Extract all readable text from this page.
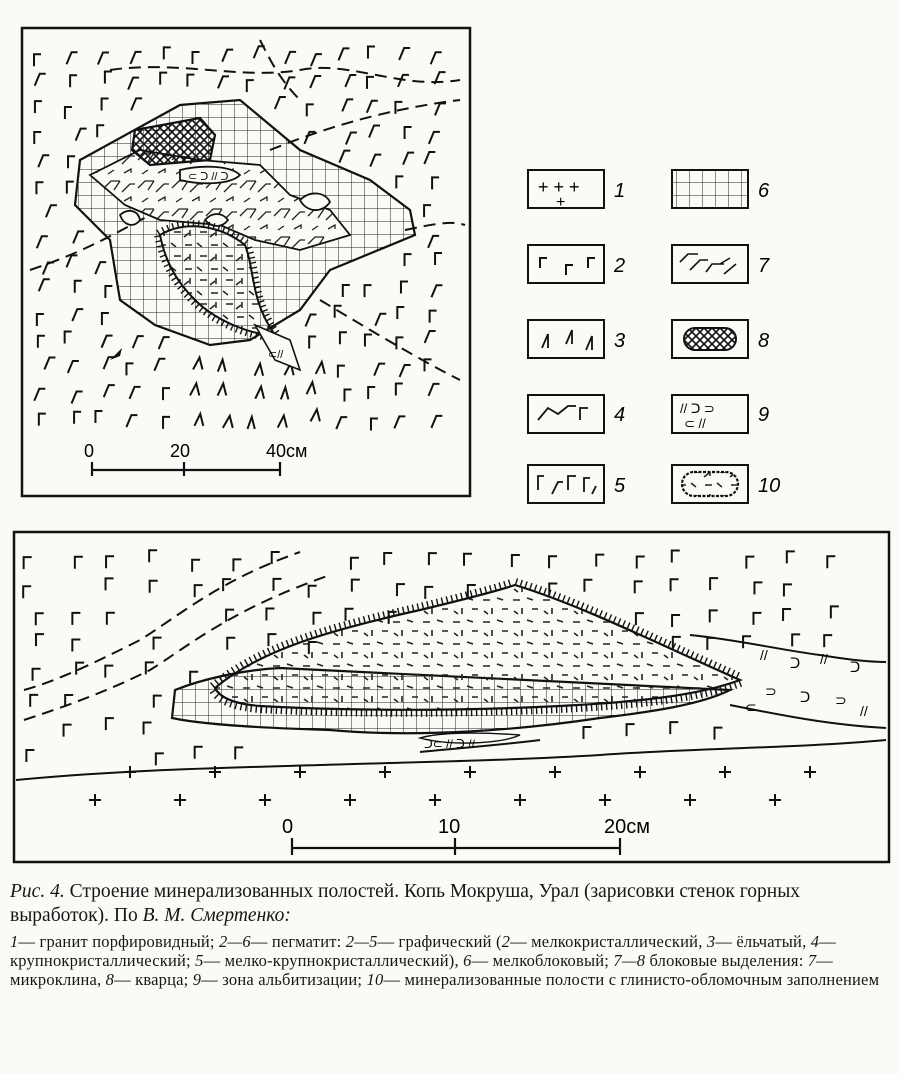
⊂ ᑐ // ᑐ
⊂//
0	20	40см
+ + +
+
1
2
3
4
5
6
7
8
// ᑐ ⊃
⊂ //	9
10
// ᑐ // ᑐ
⊃ ᑐ ⊃
//
⊂
ᑐ⊂ // ᑐ //
0	10	20см

Рис. 4. Строение минерализованных полостей. Копь Мокруша, Урал (зарисовки стенок горных выработок). По В. М. Смертенко:

1— гранит порфировидный; 2—6— пегматит: 2—5— графический (2— мелкокристаллический, 3— ёльчатый, 4— крупнокристаллический; 5— мелко-крупнокристаллический), 6— мелкоблоковый; 7—8 блоковые выделения: 7— микроклина, 8— кварца; 9— зона альбитизации; 10— минерализованные полости с глинисто-обломочным заполнением
